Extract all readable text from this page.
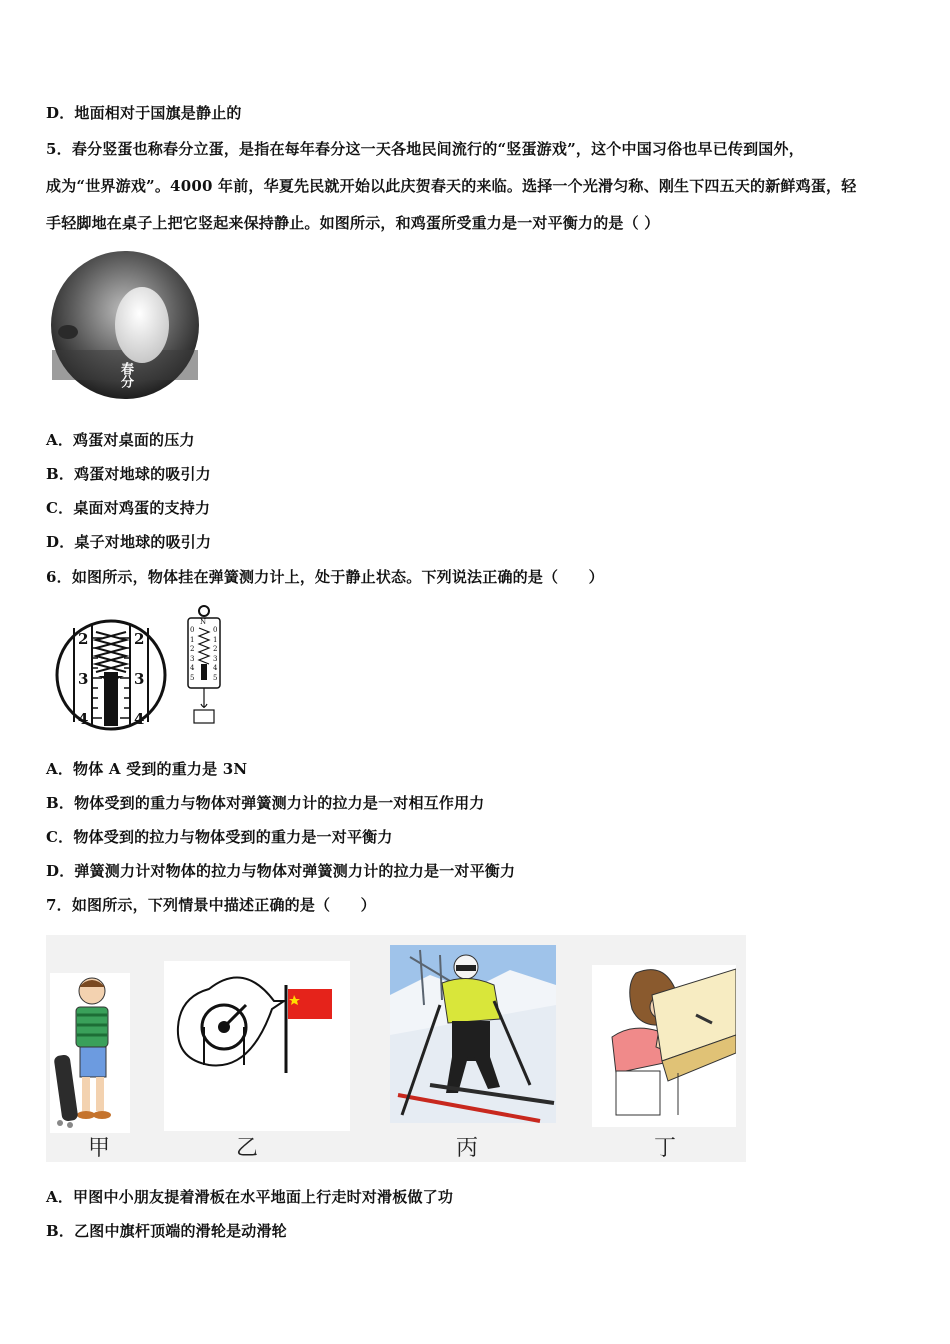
D．地面相对于国旗是静止的
5．春分竖蛋也称春分立蛋，是指在每年春分这一天各地民间流行的“竖蛋游戏”，这个中国习俗也早已传到国外，
成为“世界游戏”。4000 年前，华夏先民就开始以此庆贺春天的来临。选择一个光滑匀称、刚生下四五天的新鲜鸡蛋，轻
手轻脚地在桌子上把它竖起来保持静止。如图所示，和鸡蛋所受重力是一对平衡力的是（ ）
春分
A．鸡蛋对桌面的压力
B．鸡蛋对地球的吸引力
C．桌面对鸡蛋的支持力
D．桌子对地球的吸引力
6．如图所示，物体挂在弹簧测力计上，处于静止状态。下列说法正确的是（　　）
2
3
4
2
3
4
N
0
1
2
3
4
5
0
1
2
3
4
5
A．物体 A 受到的重力是 3N
B．物体受到的重力与物体对弹簧测力计的拉力是一对相互作用力
C．物体受到的拉力与物体受到的重力是一对平衡力
D．弹簧测力计对物体的拉力与物体对弹簧测力计的拉力是一对平衡力
7．如图所示，下列情景中描述正确的是（　　）
甲	乙	丙	丁
A．甲图中小朋友提着滑板在水平地面上行走时对滑板做了功
B．乙图中旗杆顶端的滑轮是动滑轮
